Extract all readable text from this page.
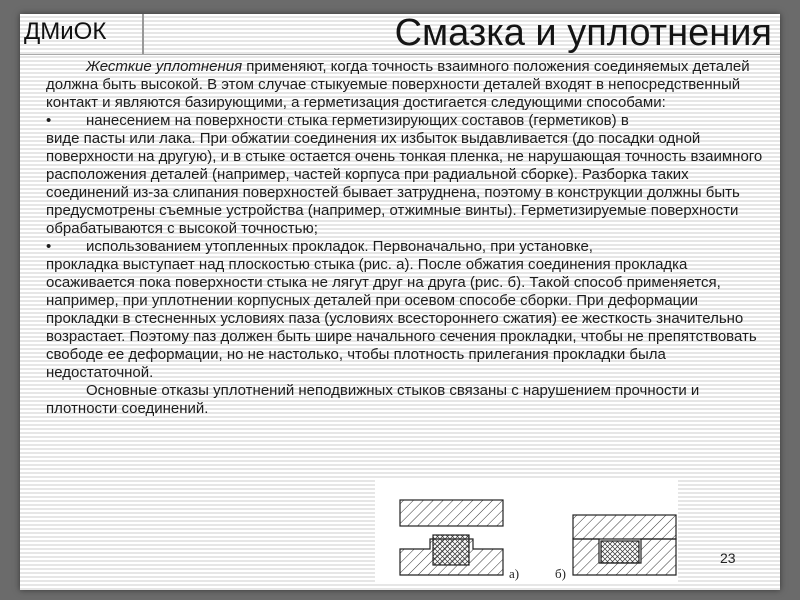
ДМиОК	Смазка и уплотнения

Жесткие уплотнения применяют, когда точность взаимного положения соединяемых деталей должна быть высокой. В этом случае стыкуемые поверхности деталей входят в непосредственный контакт и являются базирующими, а герметизация достигается следующими способами:

•	нанесением на поверхности стыка герметизирующих составов (герметиков) в

виде пасты или лака. При обжатии соединения их избыток выдавливается (до посадки одной поверхности на другую), и в стыке остается очень тонкая пленка, не нарушающая точность взаимного расположения деталей (например, частей корпуса при радиальной сборке). Разборка таких соединений из-за слипания поверхностей бывает затруднена, поэтому в конструкции должны быть предусмотрены съемные устройства (например, отжимные винты). Герметизируемые поверхности обрабатываются с высокой точностью;

•	использованием утопленных прокладок. Первоначально, при установке,

прокладка выступает над плоскостью стыка (рис. а). После обжатия соединения прокладка осаживается пока поверхности стыка не лягут друг на друга (рис. б). Такой способ применяется, например, при уплотнении корпусных деталей при осевом способе сборки. При деформации прокладки в стесненных условиях паза (условиях всестороннего сжатия) ее жесткость значительно возрастает. Поэтому паз должен быть шире начального сечения прокладки, чтобы не препятствовать свободе ее деформации, но не настолько, чтобы плотность прилегания прокладки была недостаточной.

Основные отказы уплотнений неподвижных стыков связаны с нарушением прочности и плотности соединений.

а)	б)
23
